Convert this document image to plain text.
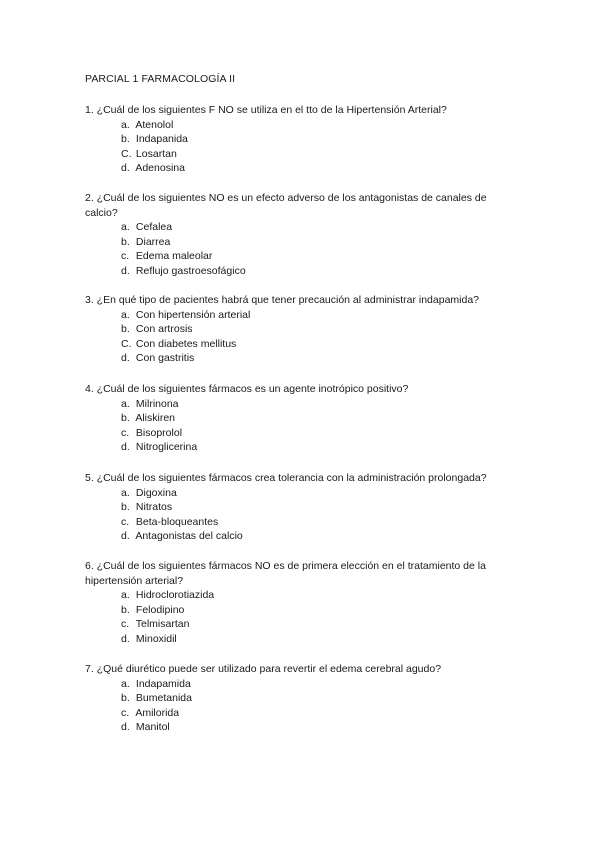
PARCIAL 1 FARMACOLOGÍA II
1. ¿Cuál de los siguientes F NO se utiliza en el tto de la Hipertensión Arterial?
a. Atenolol
b. Indapanida
C. Losartan
d. Adenosina
2. ¿Cuál de los siguientes NO es un efecto adverso de los antagonistas de canales de calcio?
a. Cefalea
b. Diarrea
c. Edema maleolar
d. Reflujo gastroesofágico
3. ¿En qué tipo de pacientes habrá que tener precaución al administrar indapamida?
a. Con hipertensión arterial
b. Con artrosis
C. Con diabetes mellitus
d. Con gastritis
4. ¿Cuál de los siguientes fármacos es un agente inotrópico positivo?
a. Milrinona
b. Aliskiren
c. Bisoprolol
d. Nitroglicerina
5. ¿Cuál de los siguientes fármacos crea tolerancia con la administración prolongada?
a. Digoxina
b. Nitratos
c. Beta-bloqueantes
d. Antagonistas del calcio
6. ¿Cuál de los siguientes fármacos NO es de primera elección en el tratamiento de la hipertensión arterial?
a. Hidroclorotiazida
b. Felodipino
c. Telmisartan
d. Minoxidil
7. ¿Qué diurético puede ser utilizado para revertir el edema cerebral agudo?
a. Indapamida
b. Bumetanida
c. Amilorida
d. Manitol
